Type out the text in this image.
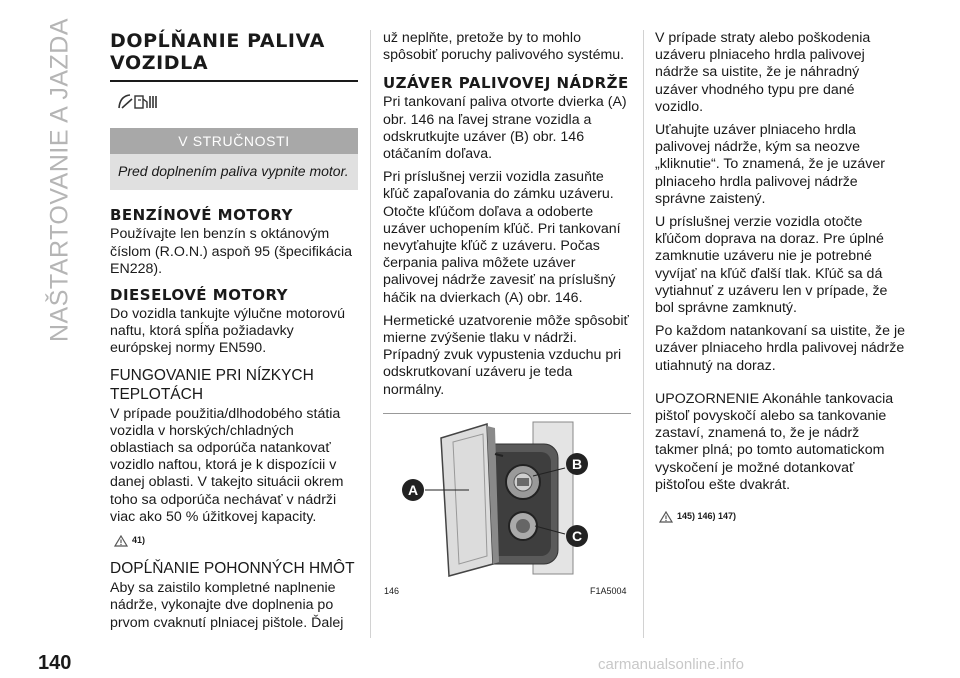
NAŠTARTOVANIE A JAZDA DOPĹŇANIE PALIVA
VOZIDLA
V STRUČNOSTI
Pred doplnením paliva vypnite motor.
BENZÍNOVÉ MOTORY

Používajte len benzín s oktánovým číslom (R.O.N.) aspoň 95 (špecifikácia EN228).

DIESELOVÉ MOTORY

Do vozidla tankujte výlučne motorovú naftu, ktorá spĺňa požiadavky európskej normy EN590.

FUNGOVANIE PRI NÍZKYCH TEPLOTÁCH

V prípade použitia/dlhodobého státia vozidla v horských/chladných oblastiach sa odporúča natankovať vozidlo naftou, ktorá je k dispozícii v danej oblasti. V takejto situácii okrem toho sa odporúča nechávať v nádrži viac ako 50 % úžitkovej kapacity.

41)
DOPĹŇANIE POHONNÝCH HMÔT

Aby sa zaistilo kompletné naplnenie nádrže, vykonajte dve doplnenia po prvom cvaknutí plniacej pištole. Ďalej

už neplňte, pretože by to mohlo spôsobiť poruchy palivového systému.

UZÁVER PALIVOVEJ NÁDRŽE

Pri tankovaní paliva otvorte dvierka (A) obr. 146 na ľavej strane vozidla a odskrutkujte uzáver (B) obr. 146 otáčaním doľava.

Pri príslušnej verzii vozidla zasuňte kľúč zapaľovania do zámku uzáveru. Otočte kľúčom doľava a odoberte uzáver uchopením kľúč. Pri tankovaní nevyťahujte kľúč z uzáveru. Počas čerpania paliva môžete uzáver palivovej nádrže zavesiť na príslušný háčik na dvierkach (A) obr. 146.

Hermetické uzatvorenie môže spôsobiť mierne zvýšenie tlaku v nádrži. Prípadný zvuk vypustenia vzduchu pri odskrutkovaní uzáveru je teda normálny.

A
B
C
146	F1A5004

V prípade straty alebo poškodenia uzáveru plniaceho hrdla palivovej nádrže sa uistite, že je náhradný uzáver vhodného typu pre dané vozidlo.

Uťahujte uzáver plniaceho hrdla palivovej nádrže, kým sa neozve „kliknutie“. To znamená, že je uzáver plniaceho hrdla palivovej nádrže správne zaistený.

U príslušnej verzie vozidla otočte kľúčom doprava na doraz. Pre úplné zamknutie uzáveru nie je potrebné vyvíjať na kľúč ďalší tlak. Kľúč sa dá vytiahnuť z uzáveru len v prípade, že bol správne zamknutý.

Po každom natankovaní sa uistite, že je uzáver plniaceho hrdla palivovej nádrže utiahnutý na doraz.

UPOZORNENIE Akonáhle tankovacia pištoľ povyskočí alebo sa tankovanie zastaví, znamená to, že je nádrž takmer plná; po tomto automatickom vyskočení je možné dotankovať pištoľou ešte dvakrát.

145) 146) 147)
140	carmanualsonline.info
